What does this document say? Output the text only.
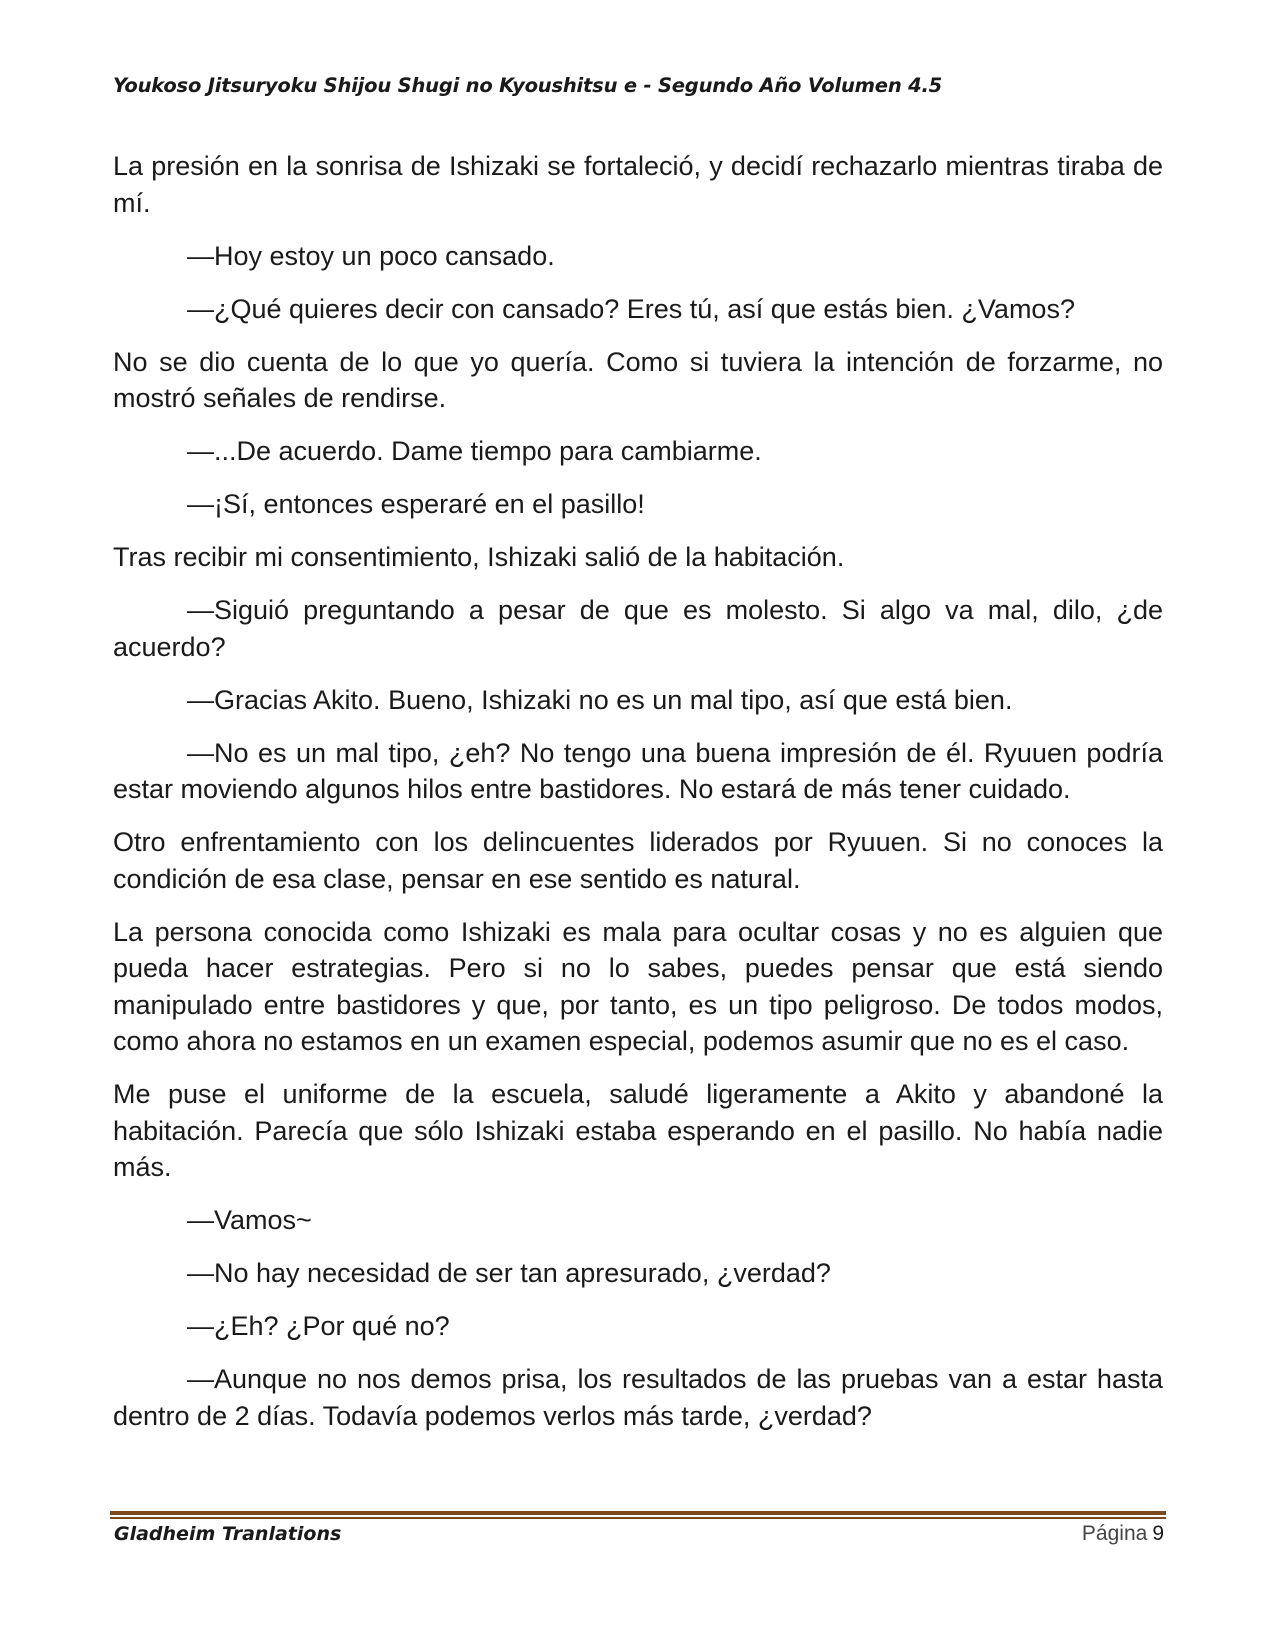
Youkoso Jitsuryoku Shijou Shugi no Kyoushitsu e - Segundo Año Volumen 4.5

La presión en la sonrisa de Ishizaki se fortaleció, y decidí rechazarlo mientras tiraba de mí.

—Hoy estoy un poco cansado.

—¿Qué quieres decir con cansado? Eres tú, así que estás bien. ¿Vamos?

No se dio cuenta de lo que yo quería. Como si tuviera la intención de forzarme, no mostró señales de rendirse.

—...De acuerdo. Dame tiempo para cambiarme.

—¡Sí, entonces esperaré en el pasillo!

Tras recibir mi consentimiento, Ishizaki salió de la habitación.

—Siguió preguntando a pesar de que es molesto. Si algo va mal, dilo, ¿de acuerdo?

—Gracias Akito. Bueno, Ishizaki no es un mal tipo, así que está bien.

—No es un mal tipo, ¿eh? No tengo una buena impresión de él. Ryuuen podría estar moviendo algunos hilos entre bastidores. No estará de más tener cuidado.

Otro enfrentamiento con los delincuentes liderados por Ryuuen. Si no conoces la condición de esa clase, pensar en ese sentido es natural.

La persona conocida como Ishizaki es mala para ocultar cosas y no es alguien que pueda hacer estrategias. Pero si no lo sabes, puedes pensar que está siendo manipulado entre bastidores y que, por tanto, es un tipo peligroso. De todos modos, como ahora no estamos en un examen especial, podemos asumir que no es el caso.

Me puse el uniforme de la escuela, saludé ligeramente a Akito y abandoné la habitación. Parecía que sólo Ishizaki estaba esperando en el pasillo. No había nadie más.

—Vamos~

—No hay necesidad de ser tan apresurado, ¿verdad?

—¿Eh? ¿Por qué no?

—Aunque no nos demos prisa, los resultados de las pruebas van a estar hasta dentro de 2 días. Todavía podemos verlos más tarde, ¿verdad?

Gladheim Tranlations	Página 9
